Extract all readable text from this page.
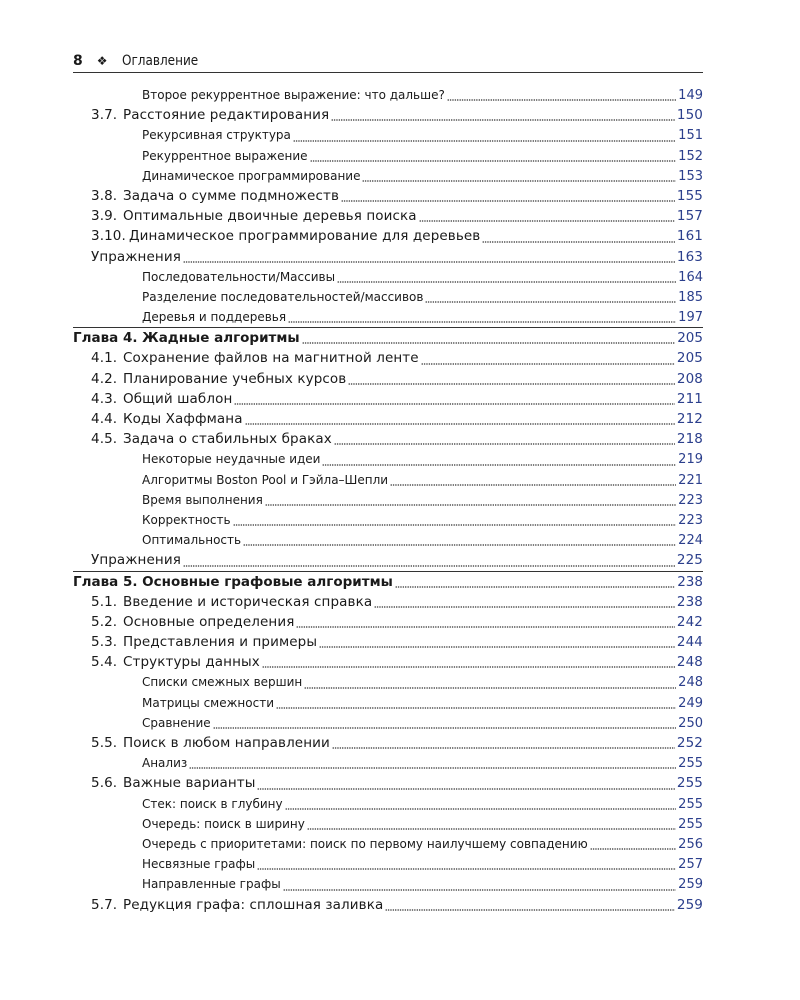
8 ❖ Оглавление
Второе рекуррентное выражение: что дальше?	149
3.7. Расстояние редактирования	150
Рекурсивная структура	151
Рекуррентное выражение	152
Динамическое программирование	153
3.8. Задача о сумме подмножеств	155
3.9. Оптимальные двоичные деревья поиска	157
3.10. Динамическое программирование для деревьев	161
Упражнения	163
Последовательности/Массивы	164
Разделение последовательностей/массивов	185
Деревья и поддеревья	197
Глава 4. Жадные алгоритмы	205
4.1. Сохранение файлов на магнитной ленте	205
4.2. Планирование учебных курсов	208
4.3. Общий шаблон	211
4.4. Коды Хаффмана	212
4.5. Задача о стабильных браках	218
Некоторые неудачные идеи	219
Алгоритмы Boston Pool и Гэйла–Шепли	221
Время выполнения	223
Корректность	223
Оптимальность	224
Упражнения	225
Глава 5. Основные графовые алгоритмы	238
5.1. Введение и историческая справка	238
5.2. Основные определения	242
5.3. Представления и примеры	244
5.4. Структуры данных	248
Списки смежных вершин	248
Матрицы смежности	249
Сравнение	250
5.5. Поиск в любом направлении	252
Анализ	255
5.6. Важные варианты	255
Стек: поиск в глубину	255
Очередь: поиск в ширину	255
Очередь с приоритетами: поиск по первому наилучшему совпадению	256
Несвязные графы	257
Направленные графы	259
5.7. Редукция графа: сплошная заливка	259
